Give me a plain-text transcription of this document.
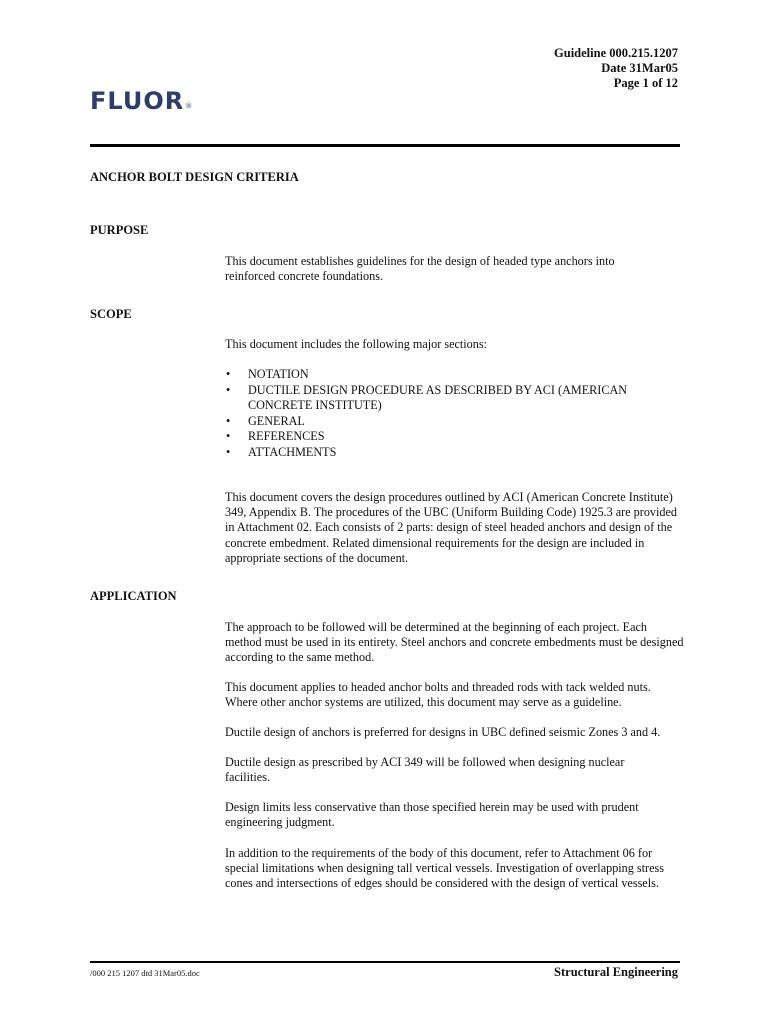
Guideline 000.215.1207
Date 31Mar05
Page 1 of 12
FLUOR®
ANCHOR BOLT DESIGN CRITERIA
PURPOSE
This document establishes guidelines for the design of headed type anchors into reinforced concrete foundations.
SCOPE
This document includes the following major sections:
• NOTATION
• DUCTILE DESIGN PROCEDURE AS DESCRIBED BY ACI (AMERICAN CONCRETE INSTITUTE)
• GENERAL
• REFERENCES
• ATTACHMENTS
This document covers the design procedures outlined by ACI (American Concrete Institute) 349, Appendix B. The procedures of the UBC (Uniform Building Code) 1925.3 are provided in Attachment 02. Each consists of 2 parts: design of steel headed anchors and design of the concrete embedment. Related dimensional requirements for the design are included in appropriate sections of the document.
APPLICATION
The approach to be followed will be determined at the beginning of each project. Each method must be used in its entirety. Steel anchors and concrete embedments must be designed according to the same method.
This document applies to headed anchor bolts and threaded rods with tack welded nuts. Where other anchor systems are utilized, this document may serve as a guideline.
Ductile design of anchors is preferred for designs in UBC defined seismic Zones 3 and 4.
Ductile design as prescribed by ACI 349 will be followed when designing nuclear facilities.
Design limits less conservative than those specified herein may be used with prudent engineering judgment.
In addition to the requirements of the body of this document, refer to Attachment 06 for special limitations when designing tall vertical vessels. Investigation of overlapping stress cones and intersections of edges should be considered with the design of vertical vessels.
/000 215 1207 dtd 31Mar05.doc	Structural Engineering
